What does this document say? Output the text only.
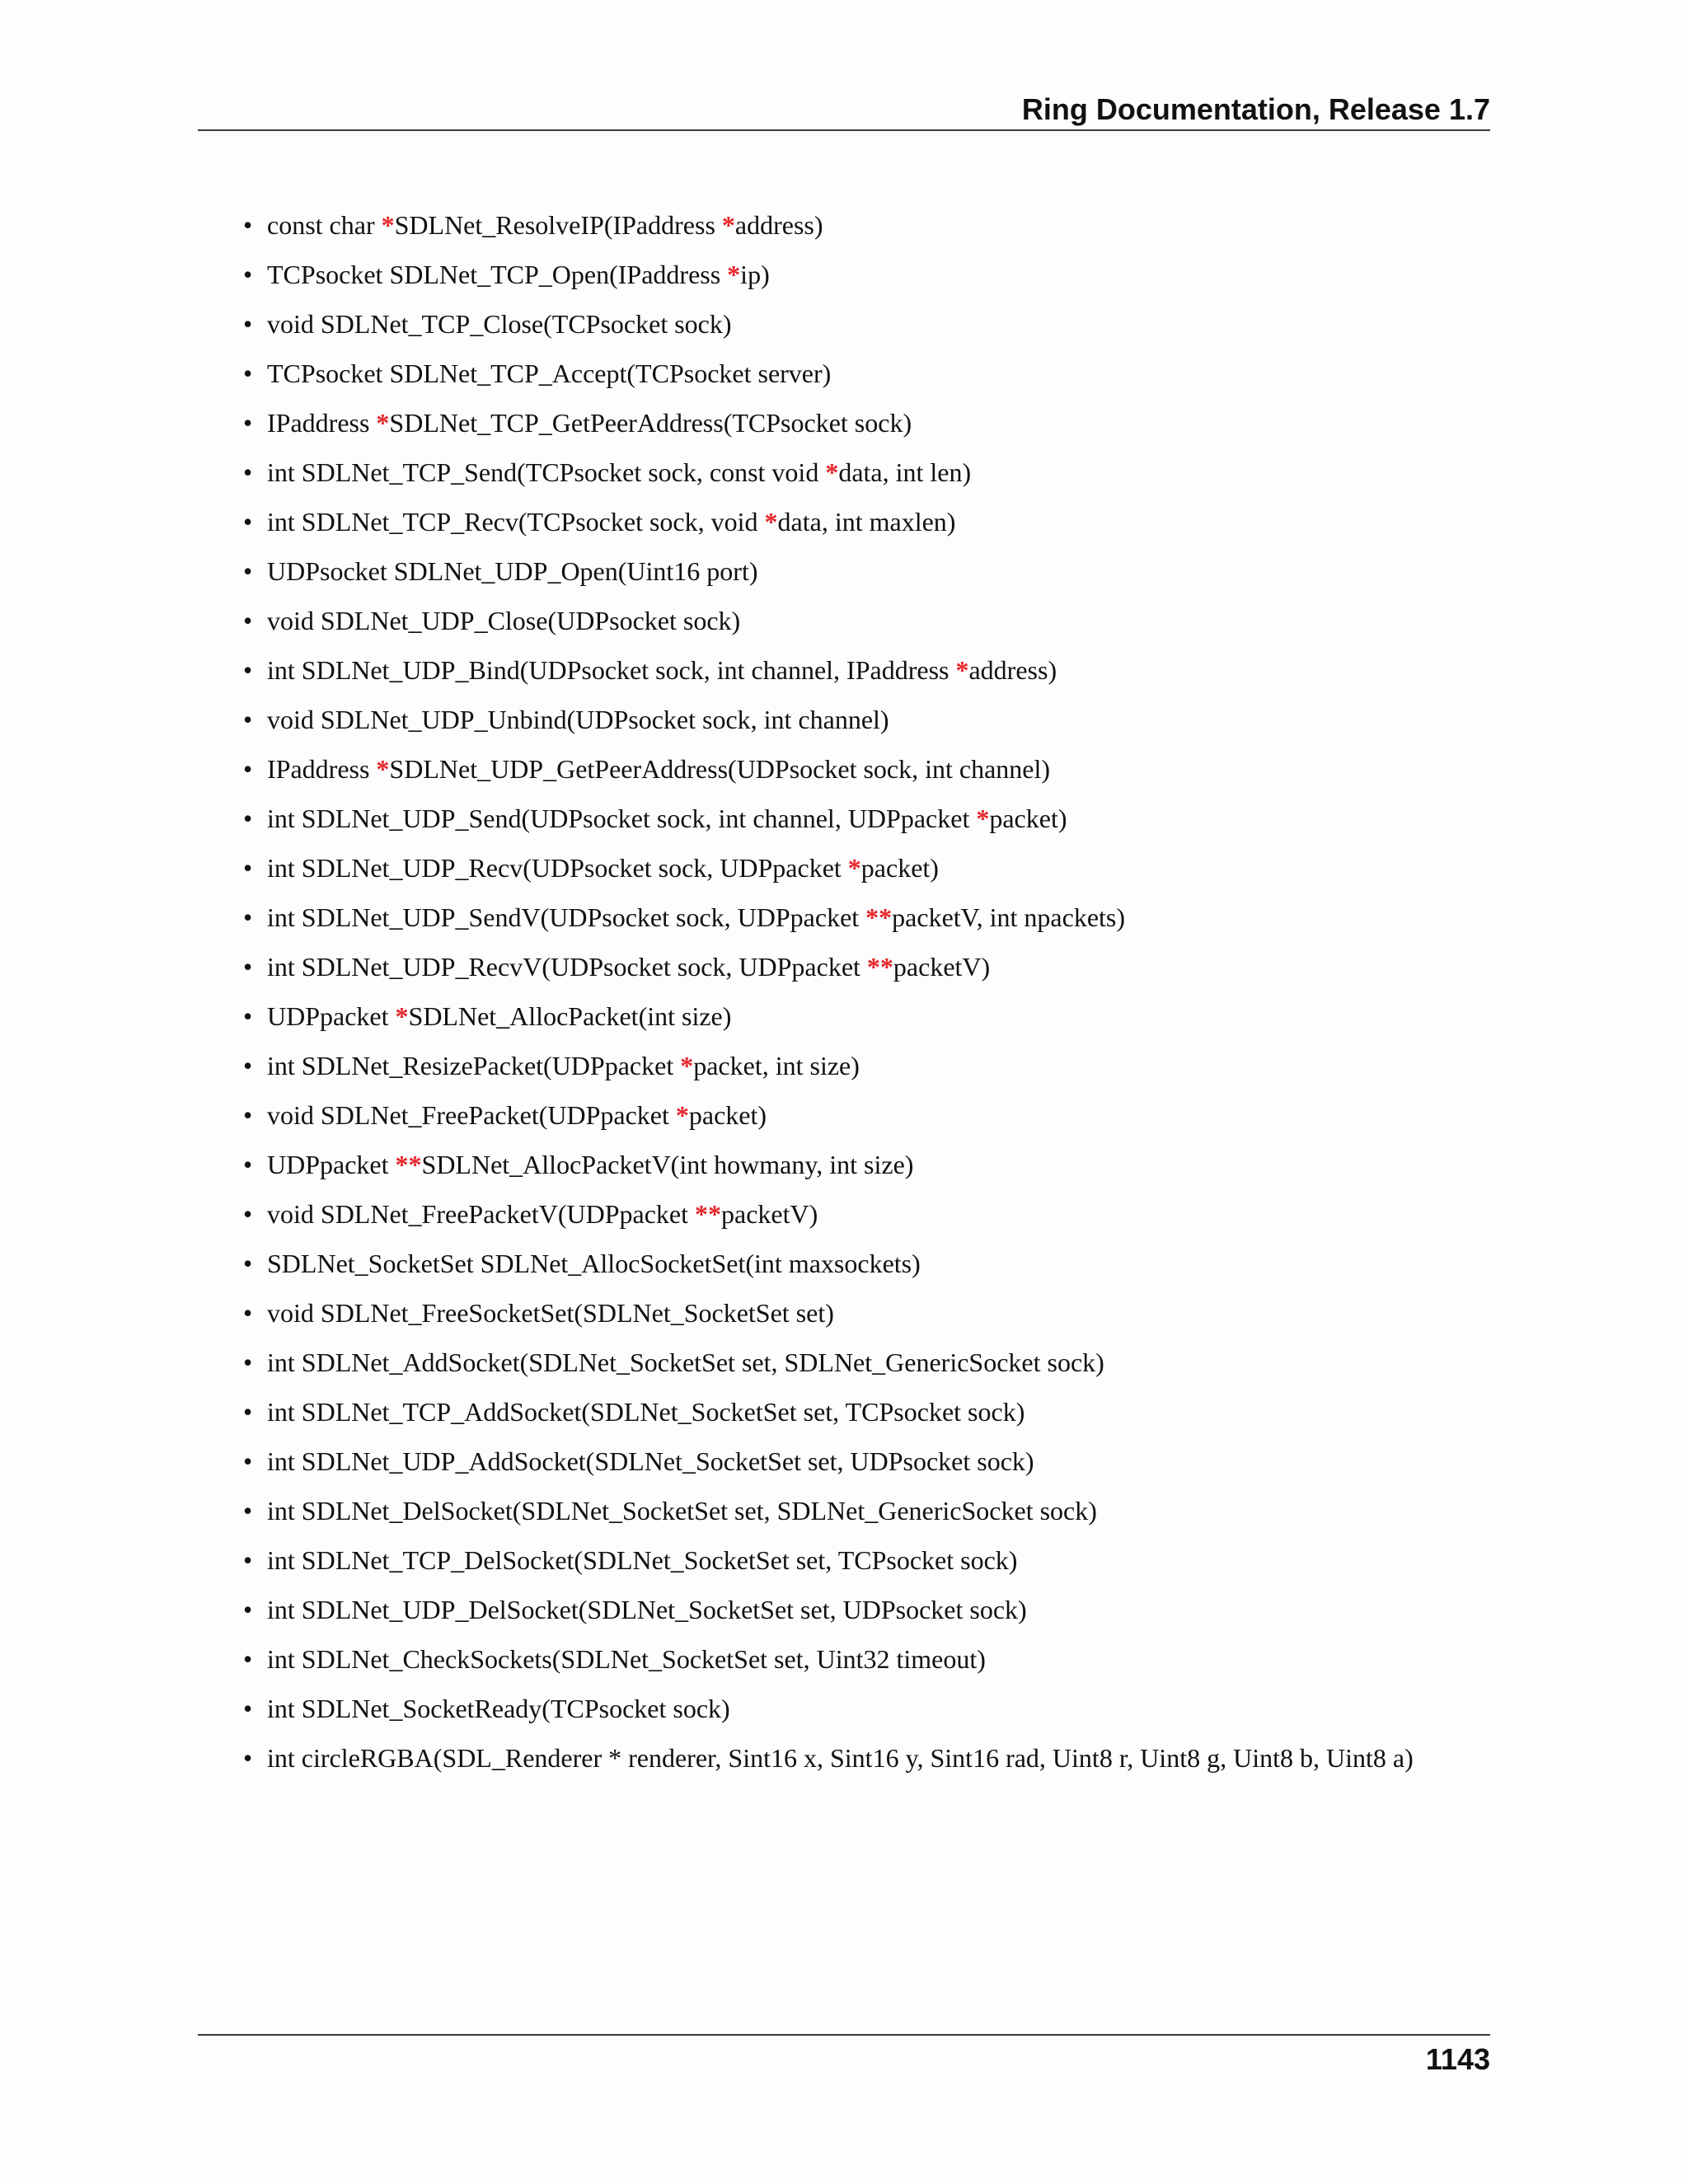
Ring Documentation, Release 1.7
• const char *SDLNet_ResolveIP(IPaddress *address)
• TCPsocket SDLNet_TCP_Open(IPaddress *ip)
• void SDLNet_TCP_Close(TCPsocket sock)
• TCPsocket SDLNet_TCP_Accept(TCPsocket server)
• IPaddress *SDLNet_TCP_GetPeerAddress(TCPsocket sock)
• int SDLNet_TCP_Send(TCPsocket sock, const void *data, int len)
• int SDLNet_TCP_Recv(TCPsocket sock, void *data, int maxlen)
• UDPsocket SDLNet_UDP_Open(Uint16 port)
• void SDLNet_UDP_Close(UDPsocket sock)
• int SDLNet_UDP_Bind(UDPsocket sock, int channel, IPaddress *address)
• void SDLNet_UDP_Unbind(UDPsocket sock, int channel)
• IPaddress *SDLNet_UDP_GetPeerAddress(UDPsocket sock, int channel)
• int SDLNet_UDP_Send(UDPsocket sock, int channel, UDPpacket *packet)
• int SDLNet_UDP_Recv(UDPsocket sock, UDPpacket *packet)
• int SDLNet_UDP_SendV(UDPsocket sock, UDPpacket **packetV, int npackets)
• int SDLNet_UDP_RecvV(UDPsocket sock, UDPpacket **packetV)
• UDPpacket *SDLNet_AllocPacket(int size)
• int SDLNet_ResizePacket(UDPpacket *packet, int size)
• void SDLNet_FreePacket(UDPpacket *packet)
• UDPpacket **SDLNet_AllocPacketV(int howmany, int size)
• void SDLNet_FreePacketV(UDPpacket **packetV)
• SDLNet_SocketSet SDLNet_AllocSocketSet(int maxsockets)
• void SDLNet_FreeSocketSet(SDLNet_SocketSet set)
• int SDLNet_AddSocket(SDLNet_SocketSet set, SDLNet_GenericSocket sock)
• int SDLNet_TCP_AddSocket(SDLNet_SocketSet set, TCPsocket sock)
• int SDLNet_UDP_AddSocket(SDLNet_SocketSet set, UDPsocket sock)
• int SDLNet_DelSocket(SDLNet_SocketSet set, SDLNet_GenericSocket sock)
• int SDLNet_TCP_DelSocket(SDLNet_SocketSet set, TCPsocket sock)
• int SDLNet_UDP_DelSocket(SDLNet_SocketSet set, UDPsocket sock)
• int SDLNet_CheckSockets(SDLNet_SocketSet set, Uint32 timeout)
• int SDLNet_SocketReady(TCPsocket sock)
• int circleRGBA(SDL_Renderer * renderer, Sint16 x, Sint16 y, Sint16 rad, Uint8 r, Uint8 g, Uint8 b, Uint8 a)
1143
